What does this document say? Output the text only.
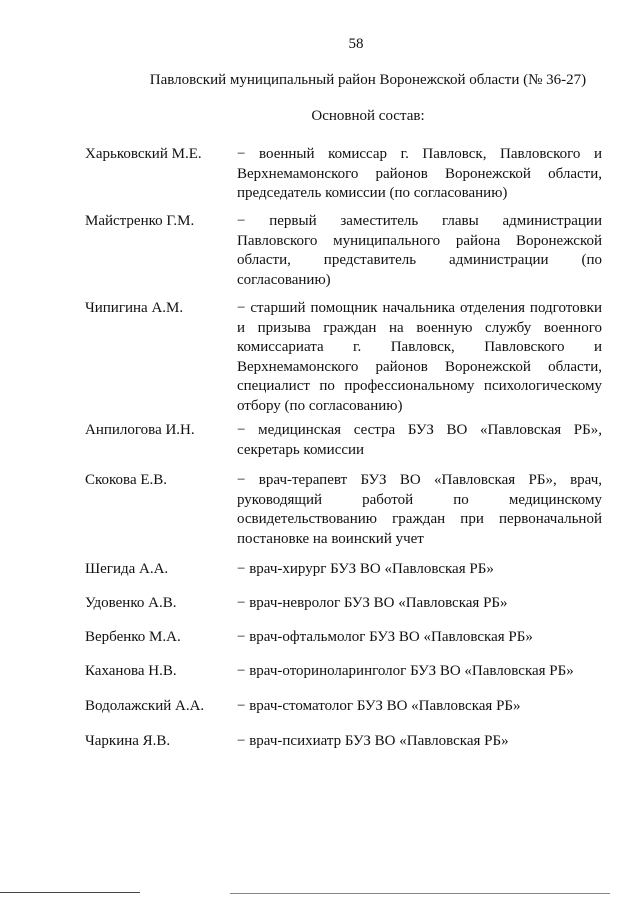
58
Павловский муниципальный район Воронежской области (№ 36-27)
Основной состав:
Харьковский М.Е. − военный комиссар г. Павловск, Павловского и Верхнемамонского районов Воронежской области, председатель комиссии (по согласованию)
Майстренко Г.М.	− первый заместитель главы администрации Павловского муниципального района Воронежской области, представитель администрации (по согласованию)
Чипигина А.М.	− старший помощник начальника отделения подготовки и призыва граждан на военную службу военного комиссариата г. Павловск, Павловского и Верхнемамонского районов Воронежской области, специалист по профессиональному психологическому отбору (по согласованию)
Анпилогова И.Н.	− медицинская сестра БУЗ ВО «Павловская РБ», секретарь комиссии
Скокова Е.В.	− врач-терапевт БУЗ ВО «Павловская РБ», врач, руководящий работой по медицинскому освидетельствованию граждан при первоначальной постановке на воинский учет
Шегида А.А.	− врач-хирург БУЗ ВО «Павловская РБ»
Удовенко А.В.	− врач-невролог БУЗ ВО «Павловская РБ»
Вербенко М.А.	− врач-офтальмолог БУЗ ВО «Павловская РБ»
Каханова Н.В.	− врач-оториноларинголог БУЗ ВО «Павловская РБ»
Водолажский А.А. − врач-стоматолог БУЗ ВО «Павловская РБ»
Чаркина Я.В.	− врач-психиатр БУЗ ВО «Павловская РБ»
